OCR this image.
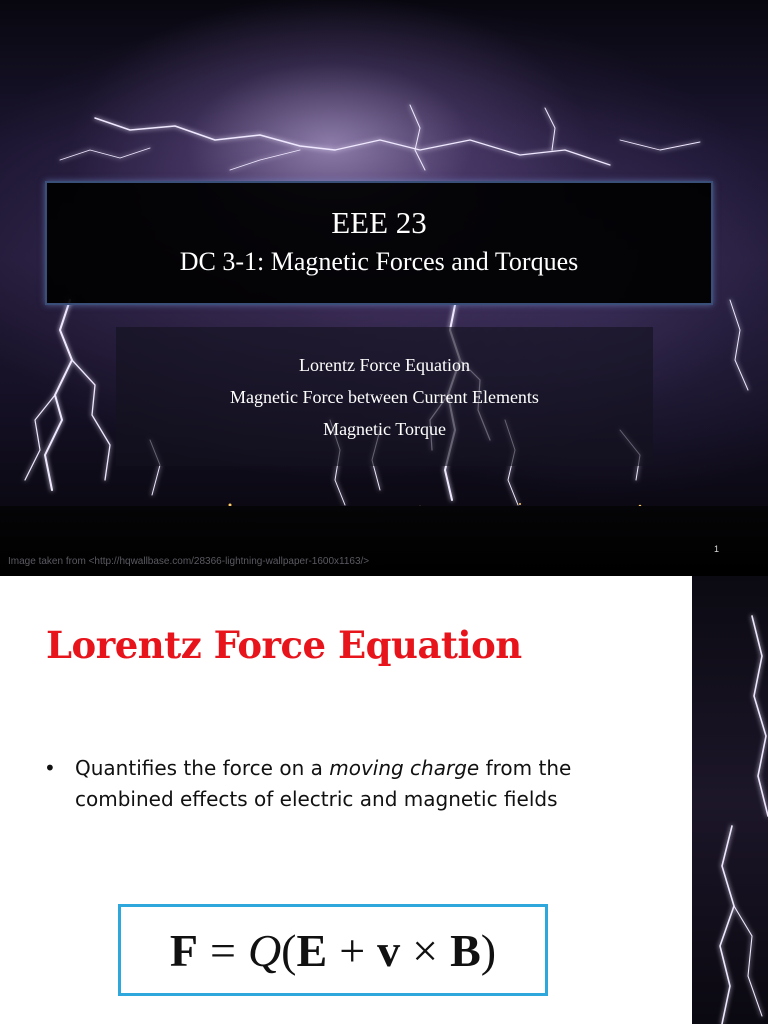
EEE 23
DC 3-1: Magnetic Forces and Torques
Lorentz Force Equation
Magnetic Force between Current Elements
Magnetic Torque
1
Image taken from <http://hqwallbase.com/28366-lightning-wallpaper-1600x1163/>
Lorentz Force Equation
• Quantifies the force on a moving charge from the combined effects of electric and magnetic fields
F = Q ( E + v × B )
